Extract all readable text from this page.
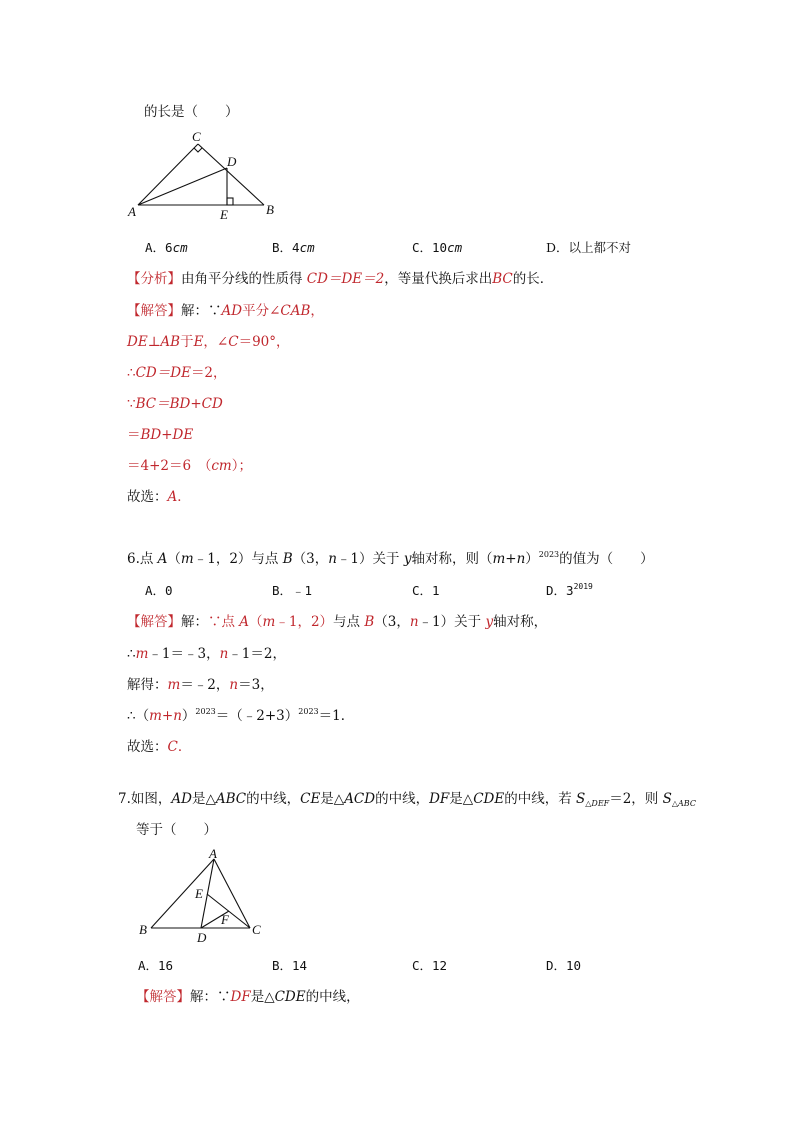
的长是（　　）
C
D
A	E	B
A．6cm	B．4cm	C．10cm	D．以上都不对
【分析】由角平分线的性质得 CD＝DE＝2，等量代换后求出BC的长．
【解答】解：∵AD平分∠CAB，
DE⊥AB于E，∠C＝90°，
∴CD＝DE＝2，
∵BC＝BD+CD
＝BD+DE
＝4+2＝6　（cm）；
故选：A．
6.点 A（m﹣1，2）与点 B（3，n﹣1）关于 y轴对称，则$(m+n)^{2023}$的值为（　　）
A．0	B．﹣1	C．1	D．$3^{2019}$
【解答】解：∵点 A（m﹣1，2）与点 B（3，n﹣1）关于 y轴对称，
∴m﹣1＝﹣3，n﹣1＝2，
解得：m＝﹣2，n＝3，
$\therefore(m+n)^{2023}=(﹣2+3)^{2023}=1$．
故选：C．
7.如图，AD是△ABC的中线，CE是△ACD的中线，DF是△CDE的中线，若 $S_{\triangle DEF}=2$，则 $S_{\triangle ABC}$
等于（　　）
A
E
F
B
D
C
A．16	B．14	C．12	D．10
【解答】解：∵DF是△CDE的中线，
